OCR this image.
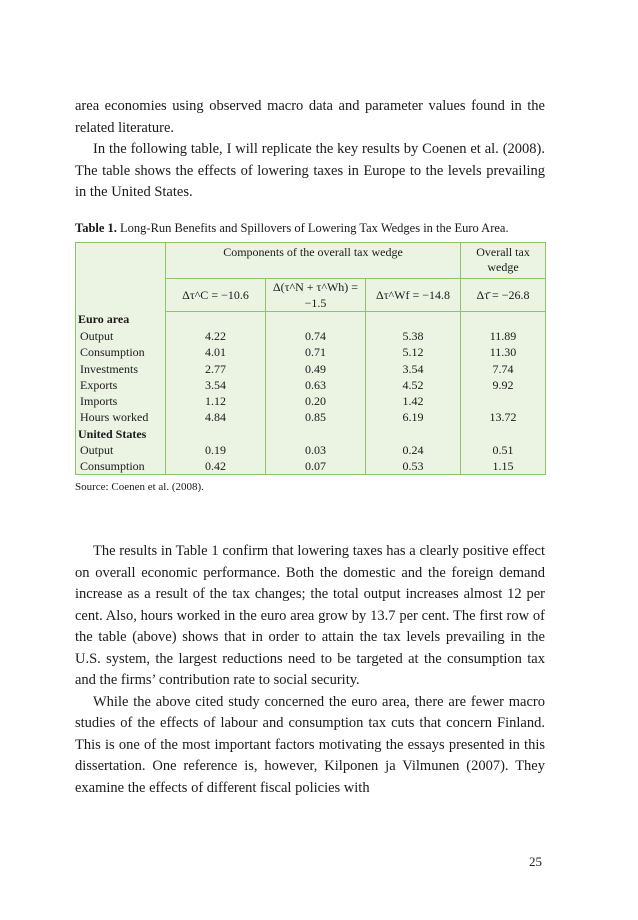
area economies using observed macro data and parameter values found in the related literature.

In the following table, I will replicate the key results by Coenen et al. (2008). The table shows the effects of lowering taxes in Europe to the levels prevailing in the United States.

Table 1. Long-Run Benefits and Spillovers of Lowering Tax Wedges in the Euro Area.
	Components of the overall tax wedge			Overall tax wedge
	Δτ^C = −10.6	Δ(τ^N + τ^Wh) = −1.5	Δτ^Wf = −14.8	Δτ̄ = −26.8
Euro area				
Output	4.22	0.74	5.38	11.89
Consumption	4.01	0.71	5.12	11.30
Investments	2.77	0.49	3.54	7.74
Exports	3.54	0.63	4.52	9.92
Imports	1.12	0.20	1.42	
Hours worked	4.84	0.85	6.19	13.72
United States				
Output	0.19	0.03	0.24	0.51
Consumption	0.42	0.07	0.53	1.15
Source: Coenen et al. (2008).

The results in Table 1 confirm that lowering taxes has a clearly positive effect on overall economic performance. Both the domestic and the foreign demand increase as a result of the tax changes; the total output increases almost 12 per cent. Also, hours worked in the euro area grow by 13.7 per cent. The first row of the table (above) shows that in order to attain the tax levels prevailing in the U.S. system, the largest reductions need to be targeted at the consumption tax and the firms’ contribution rate to social security.

While the above cited study concerned the euro area, there are fewer macro studies of the effects of labour and consumption tax cuts that concern Finland. This is one of the most important factors motivating the essays presented in this dissertation. One reference is, however, Kilponen ja Vilmunen (2007). They examine the effects of different fiscal policies with

25
